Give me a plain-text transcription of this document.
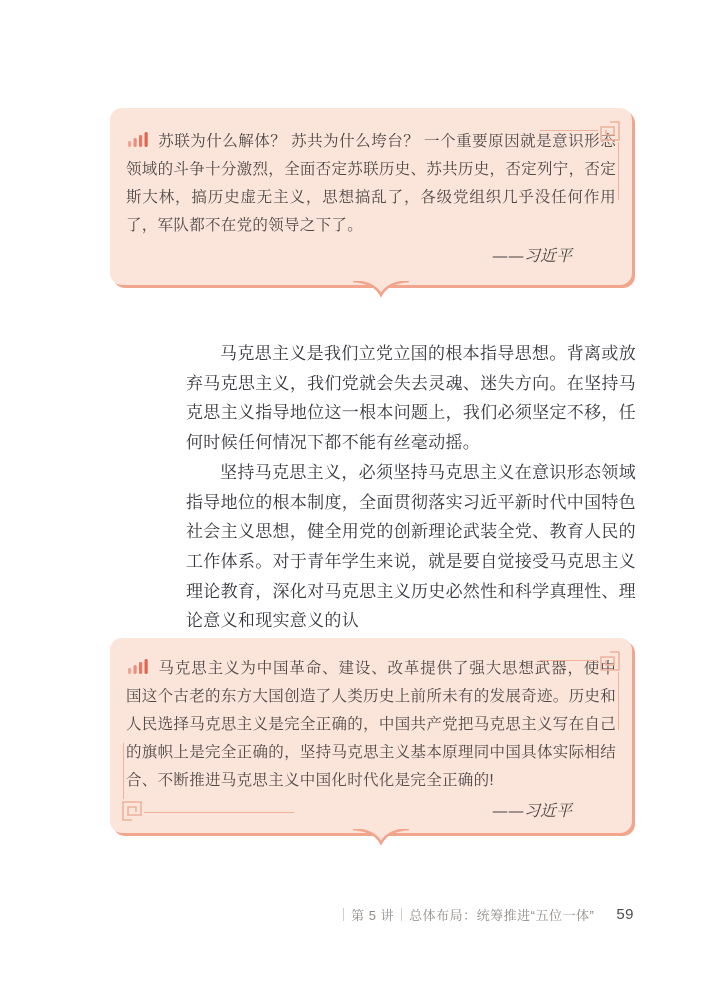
苏联为什么解体？ 苏共为什么垮台？ 一个重要原因就是意识形态领域的斗争十分激烈，全面否定苏联历史、苏共历史，否定列宁，否定斯大林，搞历史虚无主义，思想搞乱了，各级党组织几乎没任何作用了，军队都不在党的领导之下了。
——习近平

马克思主义是我们立党立国的根本指导思想。背离或放弃马克思主义，我们党就会失去灵魂、迷失方向。在坚持马克思主义指导地位这一根本问题上，我们必须坚定不移，任何时候任何情况下都不能有丝毫动摇。

坚持马克思主义，必须坚持马克思主义在意识形态领域指导地位的根本制度，全面贯彻落实习近平新时代中国特色社会主义思想，健全用党的创新理论武装全党、教育人民的工作体系。对于青年学生来说，就是要自觉接受马克思主义理论教育，深化对马克思主义历史必然性和科学真理性、理论意义和现实意义的认

马克思主义为中国革命、建设、改革提供了强大思想武器，使中国这个古老的东方大国创造了人类历史上前所未有的发展奇迹。历史和人民选择马克思主义是完全正确的，中国共产党把马克思主义写在自己的旗帜上是完全正确的，坚持马克思主义基本原理同中国具体实际相结合、不断推进马克思主义中国化时代化是完全正确的!
——习近平
第 5 讲 总体布局：统筹推进“五位一体” 59
